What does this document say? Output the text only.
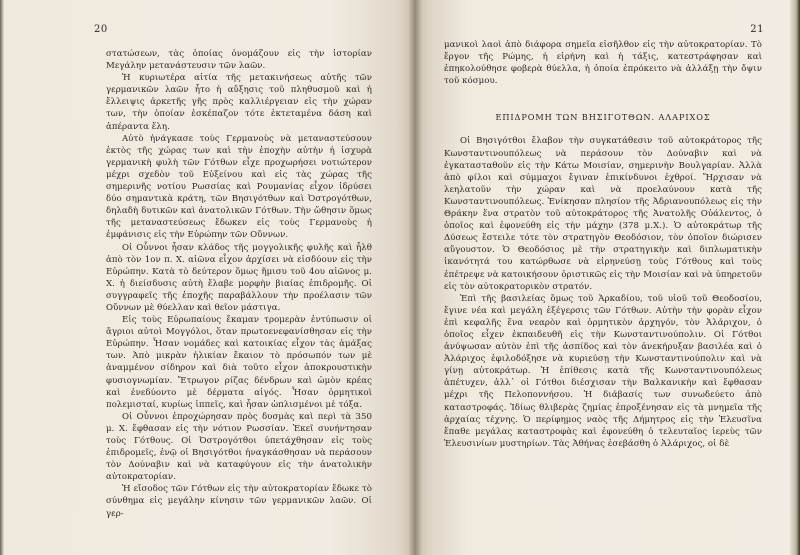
20

στατώσεων, τὰς ὁποίας ὀνομάζουν εἰς τὴν ἱστορίαν Μεγάλην μετανάστευσιν τῶν λαῶν.

Ἡ κυριωτέρα αἰτία τῆς μετακινήσεως αὐτῆς τῶν γερμανικῶν λαῶν ἦτο ἡ αὔξησις τοῦ πληθυσμοῦ καὶ ἡ ἔλλειψις ἀρκετῆς γῆς πρὸς καλλιέργειαν εἰς τὴν χώραν των, τὴν ὁποίαν ἐσκέπαζον τότε ἐκτεταμένα δάση καὶ ἀπέραντα ἕλη.

Αὐτὸ ἠνάγκασε τοὺς Γερμανοὺς νὰ μεταναστεύσουν ἐκτὸς τῆς χώρας των καὶ τὴν ἐποχὴν αὐτὴν ἡ ἰσχυρὰ γερμανικὴ φυλὴ τῶν Γότθων εἶχε προχωρήσει νοτιώτερον μέχρι σχεδὸν τοῦ Εὐξείνου καὶ εἰς τὰς χώρας τῆς σημερινῆς νοτίου Ρωσσίας καὶ Ρουμανίας εἶχον ἱδρύσει δύο σημαντικὰ κράτη, τῶν Βησιγότθων καὶ Ὀστρογότθων, δηλαδὴ δυτικῶν καὶ ἀνατολικῶν Γότθων. Τὴν ὤθησιν ὅμως τῆς μεταναστεύσεως ἔδωκεν εἰς τοὺς Γερμανοὺς ἡ ἐμφάνισις εἰς τὴν Εὐρώπην τῶν Οὔννων.

Οἱ Οὗννοι ἦσαν κλάδος τῆς μογγολικῆς φυλῆς καὶ ἦλθ ἀπὸ τὸν 1ον π. Χ. αἰῶνα εἶχον ἀρχίσει νὰ εἰσδύουν εἰς τὴν Εὐρώπην. Κατὰ τὸ δεύτερον ὅμως ἥμισυ τοῦ 4ου αἰῶνος μ. Χ. ἡ διείσδυσις αὐτὴ ἔλαβε μορφὴν βιαίας ἐπιδρομῆς. Οἱ συγγραφεῖς τῆς ἐποχῆς παραβάλλουν τὴν προέλασιν τῶν Οὔννων μὲ θύελλαν καὶ θεῖον μάστιγα.

Εἰς τοὺς Εὐρωπαίους ἔκαμαν τρομερὰν ἐντύπωσιν οἱ ἄγριοι αὐτοὶ Μογγόλοι, ὅταν πρωτοενεφανίσθησαν εἰς τὴν Εὐρώπην. Ἦσαν νομάδες καὶ κατοικίας εἶχον τὰς ἁμάξας των. Ἀπὸ μικρὰν ἡλικίαν ἔκαιον τὸ πρόσωπόν των μὲ ἀναμμένον σίδηρον καὶ διὰ τοῦτο εἶχον ἀποκρουστικὴν φυσιογνωμίαν. Ἔτρωγον ρίζας δένδρων καὶ ὠμὸν κρέας καὶ ἐνεδύοντο μὲ δέρματα αἰγός. Ἦσαν ὁρμητικοὶ πολεμισταί, κυρίως ἱππεῖς, καὶ ἦσαν ὡπλισμένοι μὲ τόξα.

Οἱ Οὗννοι ἐπροχώρησαν πρὸς δυσμὰς καὶ περὶ τὰ 350 μ. Χ. ἔφθασαν εἰς τὴν νότιον Ρωσσίαν. Ἐκεῖ συνήντησαν τοὺς Γότθους. Οἱ Ὀστρογότθοι ὑπετάχθησαν εἰς τοὺς ἐπιδρομεῖς, ἐνῷ οἱ Βησιγότθοι ἠναγκάσθησαν νὰ περάσουν τὸν Δούναβιν καὶ νὰ καταφύγουν εἰς τὴν ἀνατολικὴν αὐτοκρατορίαν.

Ἡ εἴσοδος τῶν Γότθων εἰς τὴν αὐτοκρατορίαν ἔδωκε τὸ σύνθημα εἰς μεγάλην κίνησιν τῶν γερμανικῶν λαῶν. Οἱ γερ-

21

μανικοὶ λαοὶ ἀπὸ διάφορα σημεῖα εἰσῆλθον εἰς τὴν αὐτοκρατορίαν. Τὸ ἔργον τῆς Ρώμης, ἡ εἰρήνη καὶ ἡ τάξις, κατεστράφησαν καὶ ἐπηκολούθησε φοβερὰ θύελλα, ἡ ὁποία ἐπρόκειτο νὰ ἀλλάξῃ τὴν ὄψιν τοῦ κόσμου.

ΕΠΙΔΡΟΜΗ ΤΩΝ ΒΗΣΙΓΟΤΘΩΝ. ΑΛΑΡΙΧΟΣ

Οἱ Βησιγότθοι ἔλαβον τὴν συγκατάθεσιν τοῦ αὐτοκράτορος τῆς Κωνσταντινουπόλεως νὰ περάσουν τὸν Δούναβιν καὶ νὰ ἐγκατασταθοῦν εἰς τὴν Κάτω Μοισίαν, σημερινὴν Βουλγαρίαν. Ἀλλὰ ἀπὸ φίλοι καὶ σύμμαχοι ἔγιναν ἐπικίνδυνοι ἐχθροί. Ἤρχισαν νὰ λεηλατοῦν τὴν χώραν καὶ νὰ προελαύνουν κατὰ τῆς Κωνσταντινουπόλεως. Ἐνίκησαν πλησίον τῆς Ἀδριανουπόλεως εἰς τὴν Θράκην ἕνα στρατὸν τοῦ αὐτοκράτορος τῆς Ἀνατολῆς Οὐάλεντος, ὁ ὁποῖος καὶ ἐφονεύθη εἰς τὴν μάχην (378 μ.Χ.). Ὁ αὐτοκράτωρ τῆς Δύσεως ἔστειλε τότε τὸν στρατηγὸν Θεοδόσιον, τὸν ὁποῖον διώρισεν αὔγουστον. Ὁ Θεοδόσιος μὲ τὴν στρατηγικὴν καὶ διπλωματικὴν ἱκανότητά του κατώρθωσε νὰ εἰρηνεύσῃ τοὺς Γότθους καὶ τοὺς ἐπέτρεψε νὰ κατοικήσουν ὁριστικῶς εἰς τὴν Μοισίαν καὶ νὰ ὑπηρετοῦν εἰς τὸν αὐτοκρατορικὸν στρατόν.

Ἐπὶ τῆς βασιλείας ὅμως τοῦ Ἀρκαδίου, τοῦ υἱοῦ τοῦ Θεοδοσίου, ἔγινε νέα καὶ μεγάλη ἐξέγερσις τῶν Γότθων. Αὐτὴν τὴν φορὰν εἶχον ἐπὶ κεφαλῆς ἕνα νεαρὸν καὶ ὁρμητικὸν ἀρχηγόν, τὸν Ἀλάριχον, ὁ ὁποῖος εἶχεν ἐκπαιδευθῆ εἰς τὴν Κωνσταντινούπολιν. Οἱ Γότθοι ἀνύψωσαν αὐτὸν ἐπὶ τῆς ἀσπίδος καὶ τὸν ἀνεκήρυξαν βασιλέα καὶ ὁ Ἀλάριχος ἐφιλοδόξησε νὰ κυριεύσῃ τὴν Κωνσταντινούπολιν καὶ νὰ γίνῃ αὐτοκράτωρ. Ἡ ἐπίθεσις κατὰ τῆς Κωνσταντινουπόλεως ἀπέτυχεν, ἀλλ᾽ οἱ Γότθοι διέσχισαν τὴν Βαλκανικὴν καὶ ἔφθασαν μέχρι τῆς Πελοποννήσου. Ἡ διάβασίς των συνωδεύετο ἀπὸ καταστροφάς. Ἰδίως θλιβερὰς ζημίας ἐπροξένησαν εἰς τὰ μνημεῖα τῆς ἀρχαίας τέχνης. Ὁ περίφημος ναὸς τῆς Δήμητρος εἰς τὴν Ἐλευσῖνα ἔπαθε μεγάλας καταστροφὰς καὶ ἐφονεύθη ὁ τελευταῖος ἱερεὺς τῶν Ἐλευσινίων μυστηρίων. Τὰς Ἀθήνας ἐσεβάσθη ὁ Ἀλάριχος, οἱ δὲ
